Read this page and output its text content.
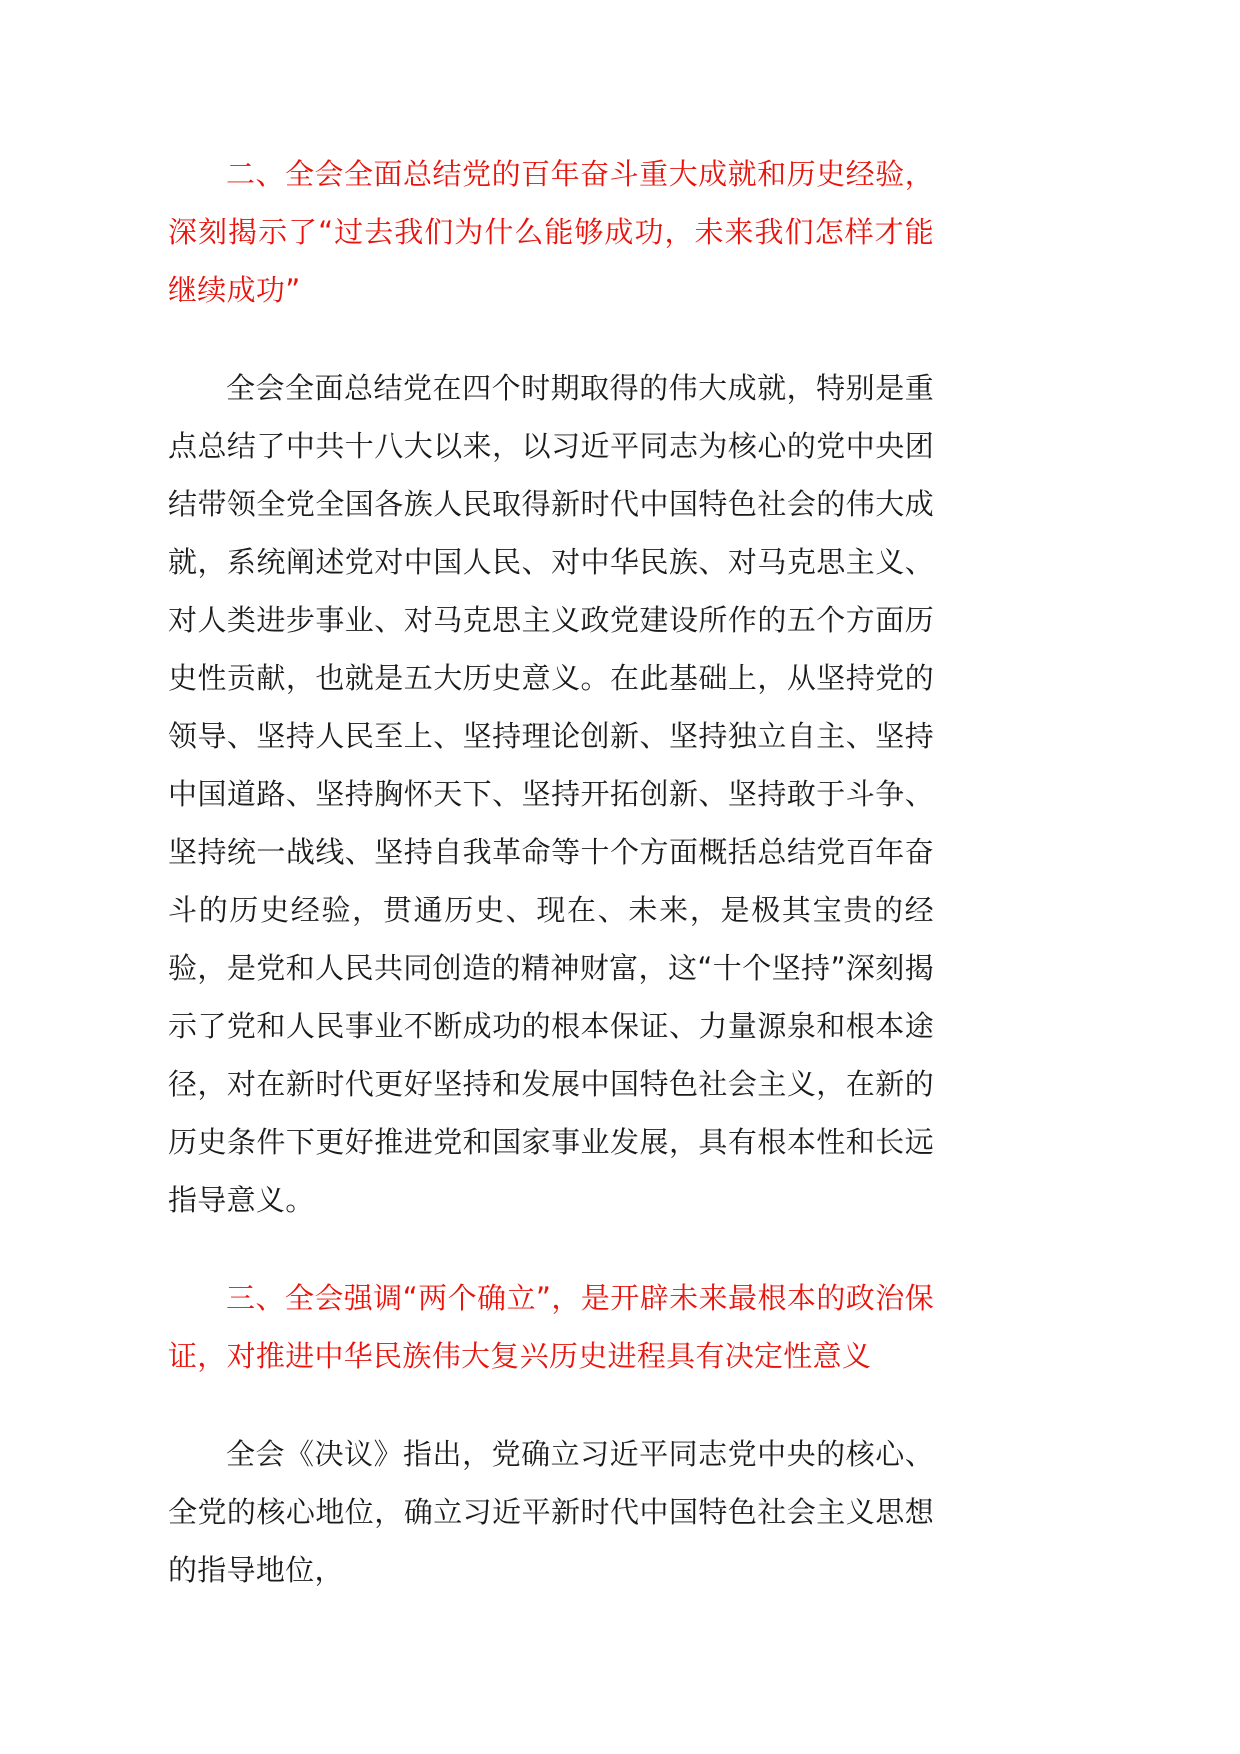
二、全会全面总结党的百年奋斗重大成就和历史经验，深刻揭示了“过去我们为什么能够成功，未来我们怎样才能继续成功”

全会全面总结党在四个时期取得的伟大成就，特别是重点总结了中共十八大以来，以习近平同志为核心的党中央团结带领全党全国各族人民取得新时代中国特色社会的伟大成就，系统阐述党对中国人民、对中华民族、对马克思主义、对人类进步事业、对马克思主义政党建设所作的五个方面历史性贡献，也就是五大历史意义。在此基础上，从坚持党的领导、坚持人民至上、坚持理论创新、坚持独立自主、坚持中国道路、坚持胸怀天下、坚持开拓创新、坚持敢于斗争、坚持统一战线、坚持自我革命等十个方面概括总结党百年奋斗的历史经验，贯通历史、现在、未来，是极其宝贵的经验，是党和人民共同创造的精神财富，这“十个坚持”深刻揭示了党和人民事业不断成功的根本保证、力量源泉和根本途径，对在新时代更好坚持和发展中国特色社会主义，在新的历史条件下更好推进党和国家事业发展，具有根本性和长远指导意义。

三、全会强调“两个确立”，是开辟未来最根本的政治保证，对推进中华民族伟大复兴历史进程具有决定性意义

全会《决议》指出，党确立习近平同志党中央的核心、全党的核心地位，确立习近平新时代中国特色社会主义思想的指导地位，
